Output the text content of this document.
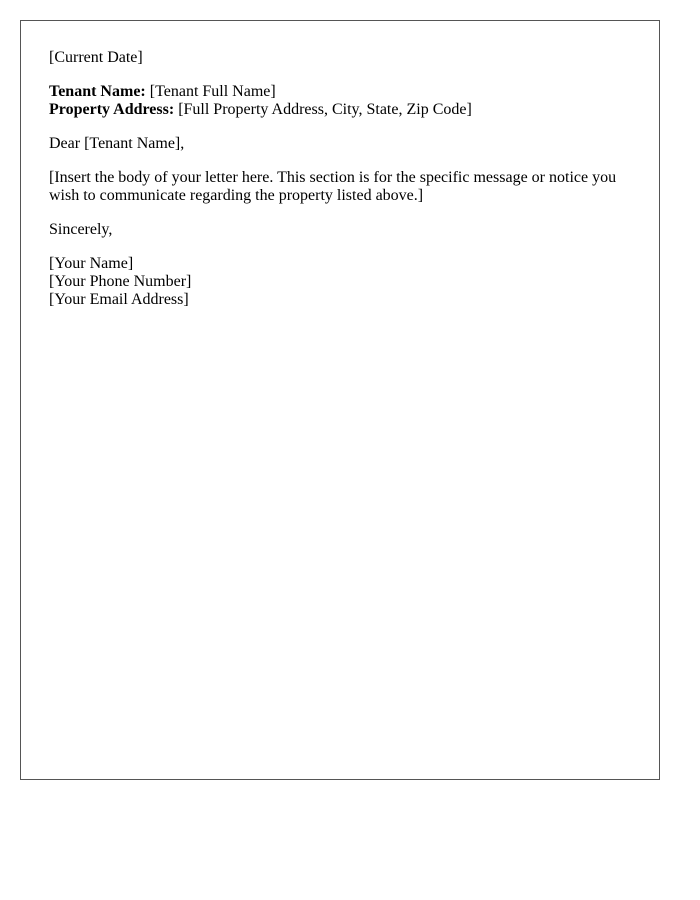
[Current Date]

Tenant Name: [Tenant Full Name]
Property Address: [Full Property Address, City, State, Zip Code]

Dear [Tenant Name],

[Insert the body of your letter here. This section is for the specific message or notice you wish to communicate regarding the property listed above.]

Sincerely,

[Your Name]
[Your Phone Number]
[Your Email Address]
